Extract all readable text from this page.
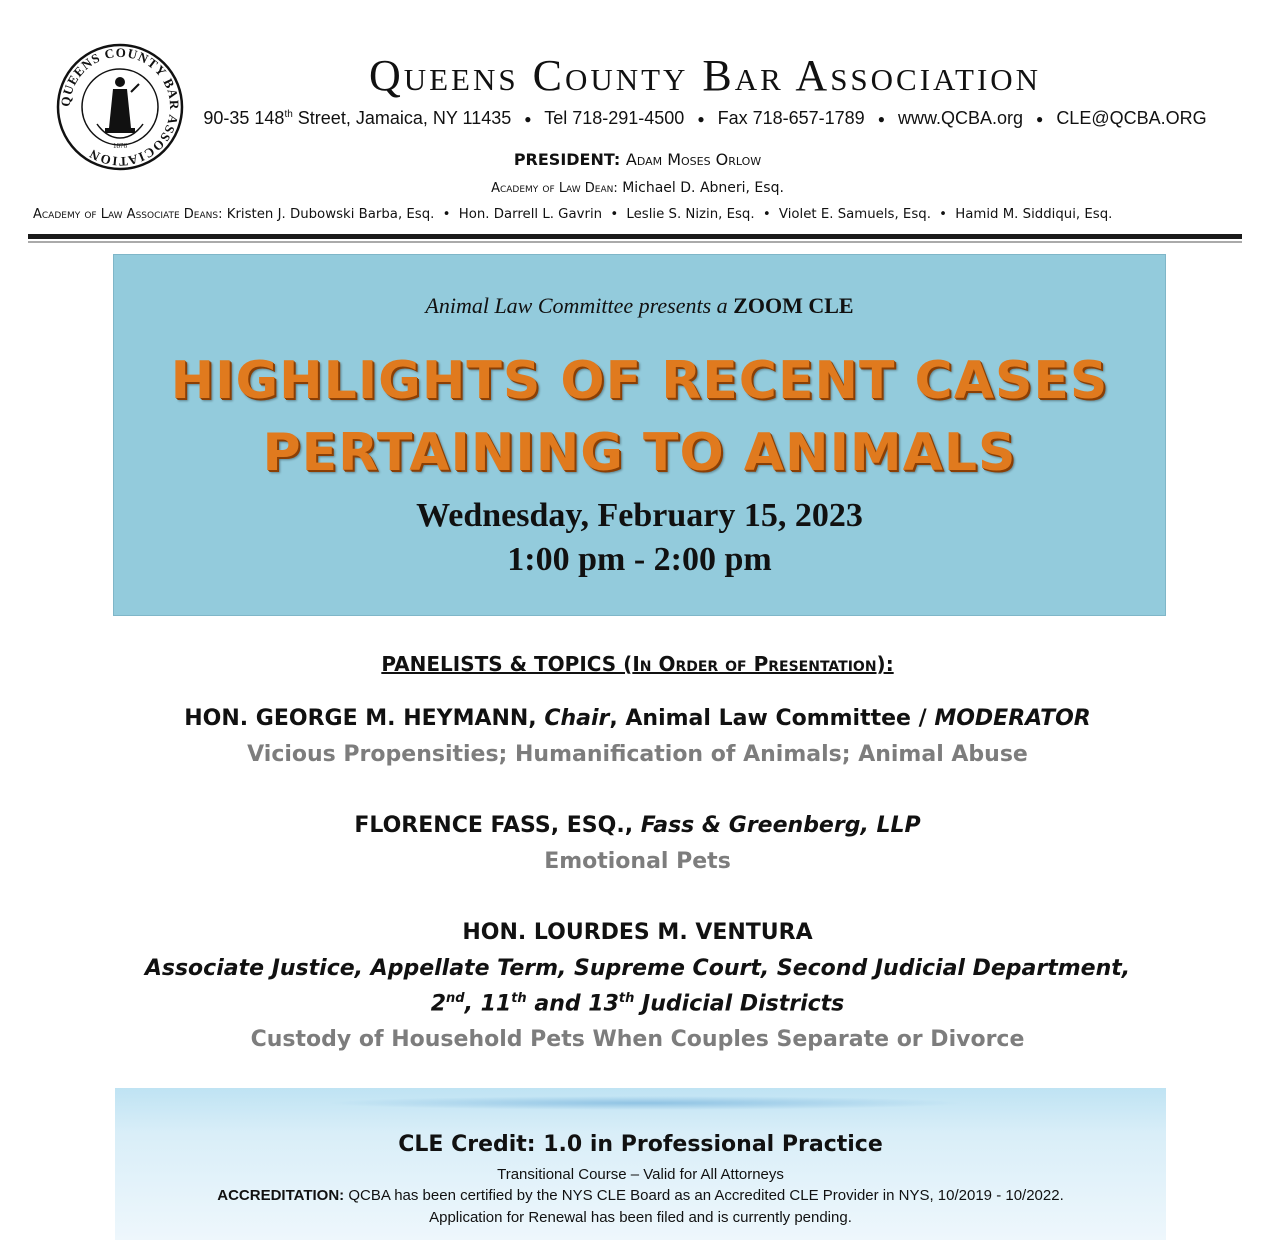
QUEENS COUNTY BAR ASSOCIATION	1876
Queens County Bar Association
90-35 148th Street, Jamaica, NY 11435 ● Tel 718-291-4500 ● Fax 718-657-1789 ● www.QCBA.org ● CLE@QCBA.ORG
PRESIDENT: Adam Moses Orlow
Academy of Law Dean: Michael D. Abneri, Esq.
Academy of Law Associate Deans: Kristen J. Dubowski Barba, Esq. • Hon. Darrell L. Gavrin • Leslie S. Nizin, Esq. • Violet E. Samuels, Esq. • Hamid M. Siddiqui, Esq.
Animal Law Committee presents a ZOOM CLE
HIGHLIGHTS OF RECENT CASES
PERTAINING TO ANIMALS
Wednesday, February 15, 2023
1:00 pm - 2:00 pm
PANELISTS & TOPICS (In Order of Presentation):
HON. GEORGE M. HEYMANN, Chair, Animal Law Committee / MODERATOR
Vicious Propensities; Humanification of Animals; Animal Abuse
FLORENCE FASS, ESQ., Fass & Greenberg, LLP
Emotional Pets
HON. LOURDES M. VENTURA
Associate Justice, Appellate Term, Supreme Court, Second Judicial Department,
2nd, 11th and 13th Judicial Districts
Custody of Household Pets When Couples Separate or Divorce
CLE Credit: 1.0 in Professional Practice
Transitional Course – Valid for All Attorneys
ACCREDITATION: QCBA has been certified by the NYS CLE Board as an Accredited CLE Provider in NYS, 10/2019 - 10/2022.
Application for Renewal has been filed and is currently pending.
